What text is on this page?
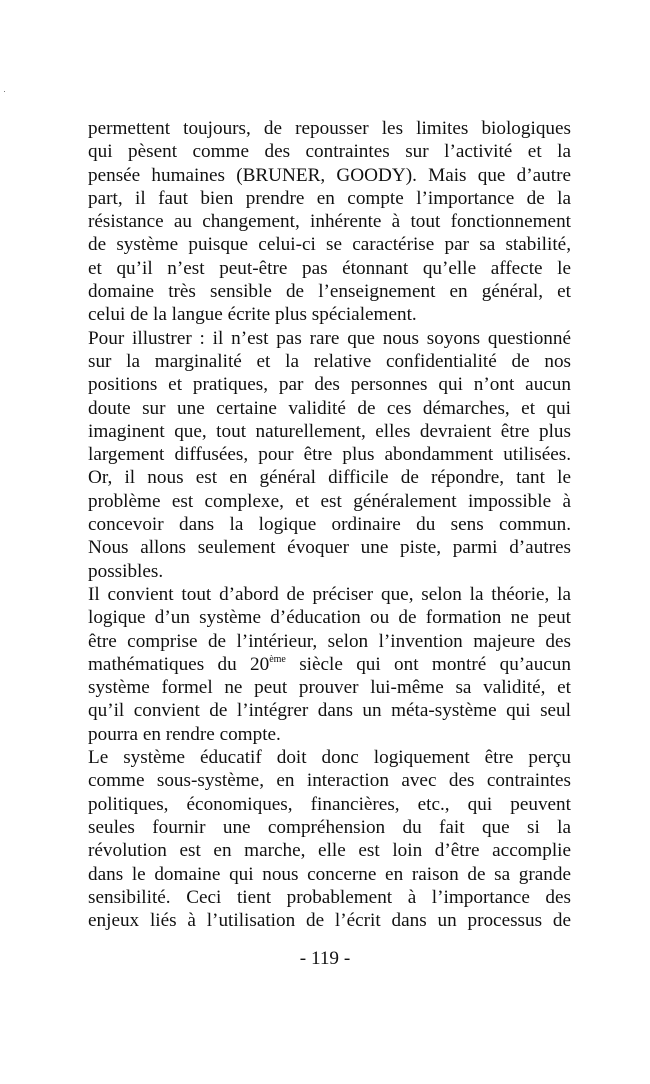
permettent toujours, de repousser les limites biologiques
qui pèsent comme des contraintes sur l’activité et la
pensée humaines (BRUNER, GOODY). Mais que d’autre
part, il faut bien prendre en compte l’importance de la
résistance au changement, inhérente à tout fonctionnement
de système puisque celui-ci se caractérise par sa stabilité,
et qu’il n’est peut-être pas étonnant qu’elle affecte le
domaine très sensible de l’enseignement en général, et
celui de la langue écrite plus spécialement.
Pour illustrer : il n’est pas rare que nous soyons questionné
sur la marginalité et la relative confidentialité de nos
positions et pratiques, par des personnes qui n’ont aucun
doute sur une certaine validité de ces démarches, et qui
imaginent que, tout naturellement, elles devraient être plus
largement diffusées, pour être plus abondamment utilisées.
Or, il nous est en général difficile de répondre, tant le
problème est complexe, et est généralement impossible à
concevoir dans la logique ordinaire du sens commun.
Nous allons seulement évoquer une piste, parmi d’autres
possibles.
Il convient tout d’abord de préciser que, selon la théorie, la
logique d’un système d’éducation ou de formation ne peut
être comprise de l’intérieur, selon l’invention majeure des
mathématiques du 20ème siècle qui ont montré qu’aucun
système formel ne peut prouver lui-même sa validité, et
qu’il convient de l’intégrer dans un méta-système qui seul
pourra en rendre compte.
Le système éducatif doit donc logiquement être perçu
comme sous-système, en interaction avec des contraintes
politiques, économiques, financières, etc., qui peuvent
seules fournir une compréhension du fait que si la
révolution est en marche, elle est loin d’être accomplie
dans le domaine qui nous concerne en raison de sa grande
sensibilité. Ceci tient probablement à l’importance des
enjeux liés à l’utilisation de l’écrit dans un processus de
- 119 -
